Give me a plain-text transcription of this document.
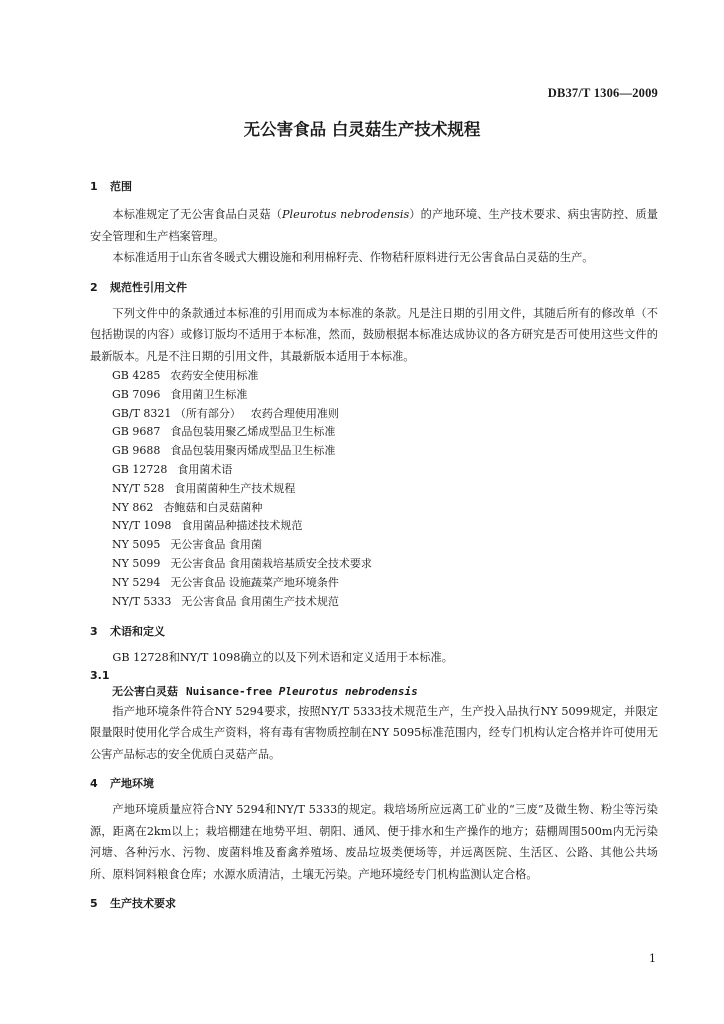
DB37/T 1306—2009
无公害食品 白灵菇生产技术规程

1 范围

本标准规定了无公害食品白灵菇（Pleurotus nebrodensis）的产地环境、生产技术要求、病虫害防控、质量安全管理和生产档案管理。

本标准适用于山东省冬暖式大棚设施和利用棉籽壳、作物秸秆原料进行无公害食品白灵菇的生产。

2 规范性引用文件

下列文件中的条款通过本标准的引用而成为本标准的条款。凡是注日期的引用文件，其随后所有的修改单（不包括勘误的内容）或修订版均不适用于本标准，然而，鼓励根据本标准达成协议的各方研究是否可使用这些文件的最新版本。凡是不注日期的引用文件，其最新版本适用于本标准。

GB 4285 农药安全使用标准
GB 7096 食用菌卫生标准
GB/T 8321 （所有部分） 农药合理使用准则
GB 9687 食品包装用聚乙烯成型品卫生标准
GB 9688 食品包装用聚丙烯成型品卫生标准
GB 12728 食用菌术语
NY/T 528 食用菌菌种生产技术规程
NY 862 杏鲍菇和白灵菇菌种
NY/T 1098 食用菌品种描述技术规范
NY 5095 无公害食品 食用菌
NY 5099 无公害食品 食用菌栽培基质安全技术要求
NY 5294 无公害食品 设施蔬菜产地环境条件
NY/T 5333 无公害食品 食用菌生产技术规范

3 术语和定义

GB 12728和NY/T 1098确立的以及下列术语和定义适用于本标准。

3.1

无公害白灵菇 Nuisance-free Pleurotus nebrodensis

指产地环境条件符合NY 5294要求，按照NY/T 5333技术规范生产，生产投入品执行NY 5099规定，并限定限量限时使用化学合成生产资料，将有毒有害物质控制在NY 5095标准范围内，经专门机构认定合格并许可使用无公害产品标志的安全优质白灵菇产品。

4 产地环境

产地环境质量应符合NY 5294和NY/T 5333的规定。栽培场所应远离工矿业的“三废”及微生物、粉尘等污染源，距离在2km以上；栽培棚建在地势平坦、朝阳、通风、便于排水和生产操作的地方；菇棚周围500m内无污染河塘、各种污水、污物、废菌料堆及畜禽养殖场、废品垃圾类便场等，并远离医院、生活区、公路、其他公共场所、原料饲料粮食仓库；水源水质清洁，土壤无污染。产地环境经专门机构监测认定合格。

5 生产技术要求

1
